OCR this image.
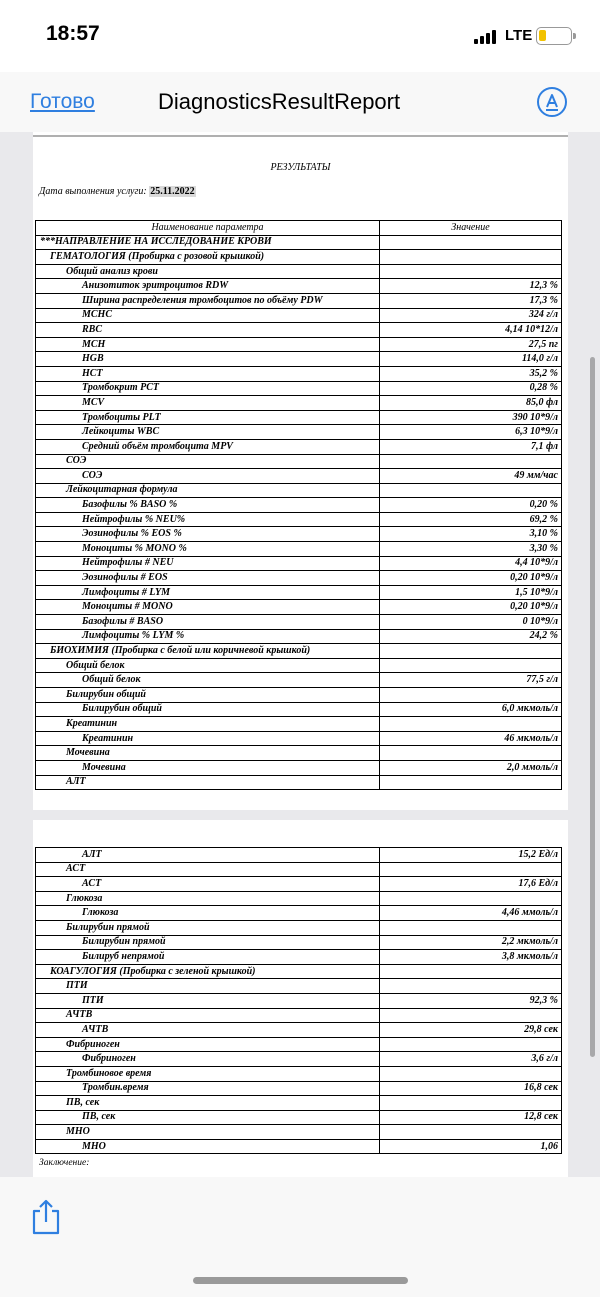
18:57	LTE
Готово	DiagnosticsResultReport
РЕЗУЛЬТАТЫ
Дата выполнения услуги: 25.11.2022
Наименование параметра	Значение
***НАПРАВЛЕНИЕ НА ИССЛЕДОВАНИЕ КРОВИ	
ГЕМАТОЛОГИЯ (Пробирка с розовой крышкой)	
Общий анализ крови	
Анизотиток эритроцитов RDW	12,3 %
Ширина распределения тромбоцитов по объёму PDW	17,3 %
MCHC	324 г/л
RBC	4,14 10*12/л
MCH	27,5 пг
HGB	114,0 г/л
HCT	35,2 %
Тромбокрит PCT	0,28 %
MCV	85,0 фл
Тромбоциты PLT	390 10*9/л
Лейкоциты WBC	6,3 10*9/л
Средний объём тромбоцита MPV	7,1 фл
СОЭ	
СОЭ	49 мм/час
Лейкоцитарная формула	
Базофилы % BASO %	0,20 %
Нейтрофилы % NEU%	69,2 %
Эозинофилы % EOS %	3,10 %
Моноциты % MONO %	3,30 %
Нейтрофилы # NEU	4,4 10*9/л
Эозинофилы # EOS	0,20 10*9/л
Лимфоциты # LYM	1,5 10*9/л
Моноциты # MONO	0,20 10*9/л
Базофилы # BASO	0 10*9/л
Лимфоциты % LYM %	24,2 %
БИОХИМИЯ (Пробирка с белой или коричневой крышкой)	
Общий белок	
Общий белок	77,5 г/л
Билирубин общий	
Билирубин общий	6,0 мкмоль/л
Креатинин	
Креатинин	46 мкмоль/л
Мочевина	
Мочевина	2,0 ммоль/л
АЛТ	
АЛТ	15,2 Ед/л
АСТ	
АСТ	17,6 Ед/л
Глюкоза	
Глюкоза	4,46 ммоль/л
Билирубин прямой	
Билирубин прямой	2,2 мкмоль/л
Билируб непрямой	3,8 мкмоль/л
КОАГУЛОГИЯ (Пробирка с зеленой крышкой)	
ПТИ	
ПТИ	92,3 %
АЧТВ	
АЧТВ	29,8 сек
Фибриноген	
Фибриноген	3,6 г/л
Тромбиновое время	
Тромбин.время	16,8 сек
ПВ, сек	
ПВ, сек	12,8 сек
МНО	
МНО	1,06
Заключение:
